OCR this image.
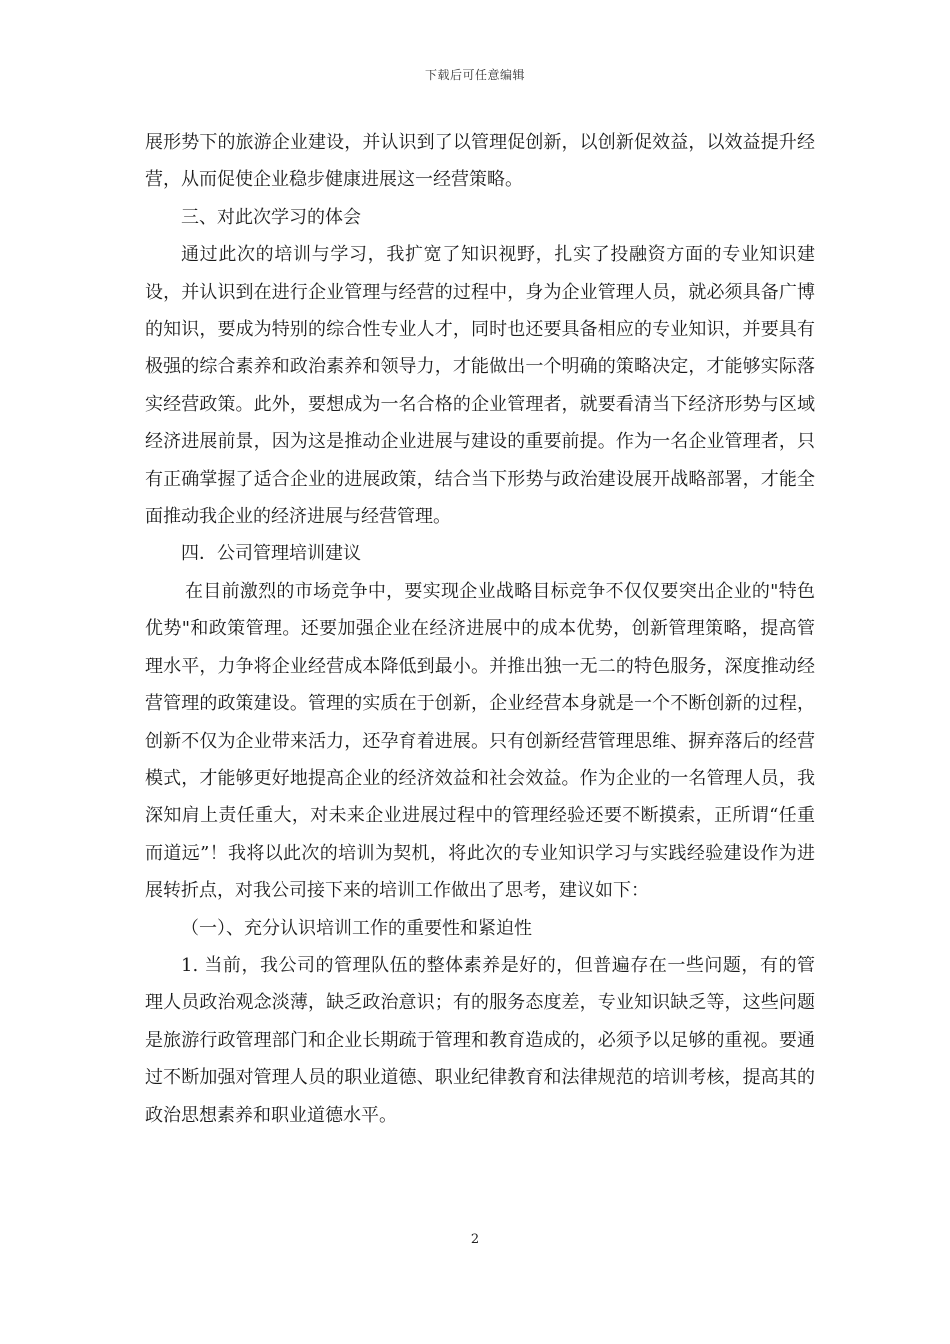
下载后可任意编辑

展形势下的旅游企业建设，并认识到了以管理促创新，以创新促效益，以效益提升经营，从而促使企业稳步健康进展这一经营策略。

三、对此次学习的体会

通过此次的培训与学习，我扩宽了知识视野，扎实了投融资方面的专业知识建设，并认识到在进行企业管理与经营的过程中，身为企业管理人员，就必须具备广博的知识，要成为特别的综合性专业人才，同时也还要具备相应的专业知识，并要具有极强的综合素养和政治素养和领导力，才能做出一个明确的策略决定，才能够实际落实经营政策。此外，要想成为一名合格的企业管理者，就要看清当下经济形势与区域经济进展前景，因为这是推动企业进展与建设的重要前提。作为一名企业管理者，只有正确掌握了适合企业的进展政策，结合当下形势与政治建设展开战略部署，才能全面推动我企业的经济进展与经营管理。

四．公司管理培训建议

在目前激烈的市场竞争中，要实现企业战略目标竞争不仅仅要突出企业的"特色优势"和政策管理。还要加强企业在经济进展中的成本优势，创新管理策略，提高管理水平，力争将企业经营成本降低到最小。并推出独一无二的特色服务，深度推动经营管理的政策建设。管理的实质在于创新，企业经营本身就是一个不断创新的过程，创新不仅为企业带来活力，还孕育着进展。只有创新经营管理思维、摒弃落后的经营模式，才能够更好地提高企业的经济效益和社会效益。作为企业的一名管理人员，我深知肩上责任重大，对未来企业进展过程中的管理经验还要不断摸索，正所谓“任重而道远”！我将以此次的培训为契机，将此次的专业知识学习与实践经验建设作为进展转折点，对我公司接下来的培训工作做出了思考，建议如下：

（一）、充分认识培训工作的重要性和紧迫性

1. 当前，我公司的管理队伍的整体素养是好的，但普遍存在一些问题，有的管理人员政治观念淡薄，缺乏政治意识；有的服务态度差，专业知识缺乏等，这些问题是旅游行政管理部门和企业长期疏于管理和教育造成的，必须予以足够的重视。要通过不断加强对管理人员的职业道德、职业纪律教育和法律规范的培训考核，提高其的政治思想素养和职业道德水平。

2
